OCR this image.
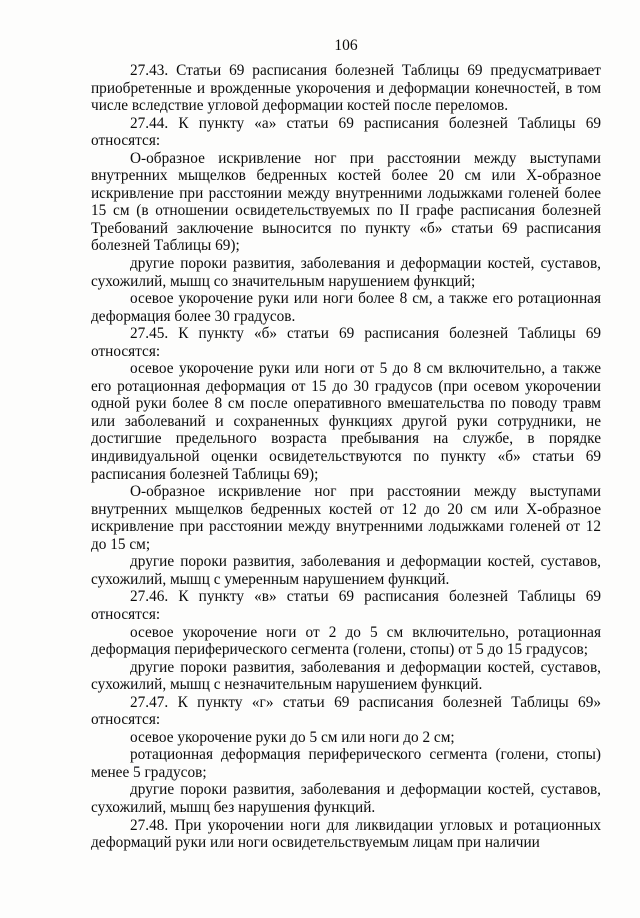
106

27.43. Статьи 69 расписания болезней Таблицы 69 предусматривает приобретенные и врожденные укорочения и деформации конечностей, в том числе вследствие угловой деформации костей после переломов.

27.44. К пункту «а» статьи 69 расписания болезней Таблицы 69 относятся:

О-образное искривление ног при расстоянии между выступами внутренних мыщелков бедренных костей более 20 см или Х-образное искривление при расстоянии между внутренними лодыжками голеней более 15 см (в отношении освидетельствуемых по II графе расписания болезней Требований заключение выносится по пункту «б» статьи 69 расписания болезней Таблицы 69);

другие пороки развития, заболевания и деформации костей, суставов, сухожилий, мышц со значительным нарушением функций;

осевое укорочение руки или ноги более 8 см, а также его ротационная деформация более 30 градусов.

27.45. К пункту «б» статьи 69 расписания болезней Таблицы 69 относятся:

осевое укорочение руки или ноги от 5 до 8 см включительно, а также его ротационная деформация от 15 до 30 градусов (при осевом укорочении одной руки более 8 см после оперативного вмешательства по поводу травм или заболеваний и сохраненных функциях другой руки сотрудники, не достигшие предельного возраста пребывания на службе, в порядке индивидуальной оценки освидетельствуются по пункту «б» статьи 69 расписания болезней Таблицы 69);

О-образное искривление ног при расстоянии между выступами внутренних мыщелков бедренных костей от 12 до 20 см или Х-образное искривление при расстоянии между внутренними лодыжками голеней от 12 до 15 см;

другие пороки развития, заболевания и деформации костей, суставов, сухожилий, мышц с умеренным нарушением функций.

27.46. К пункту «в» статьи 69 расписания болезней Таблицы 69 относятся:

осевое укорочение ноги от 2 до 5 см включительно, ротационная деформация периферического сегмента (голени, стопы) от 5 до 15 градусов;

другие пороки развития, заболевания и деформации костей, суставов, сухожилий, мышц с незначительным нарушением функций.

27.47. К пункту «г» статьи 69 расписания болезней Таблицы 69» относятся:

осевое укорочение руки до 5 см или ноги до 2 см;

ротационная деформация периферического сегмента (голени, стопы) менее 5 градусов;

другие пороки развития, заболевания и деформации костей, суставов, сухожилий, мышц без нарушения функций.

27.48. При укорочении ноги для ликвидации угловых и ротационных деформаций руки или ноги освидетельствуемым лицам при наличии
